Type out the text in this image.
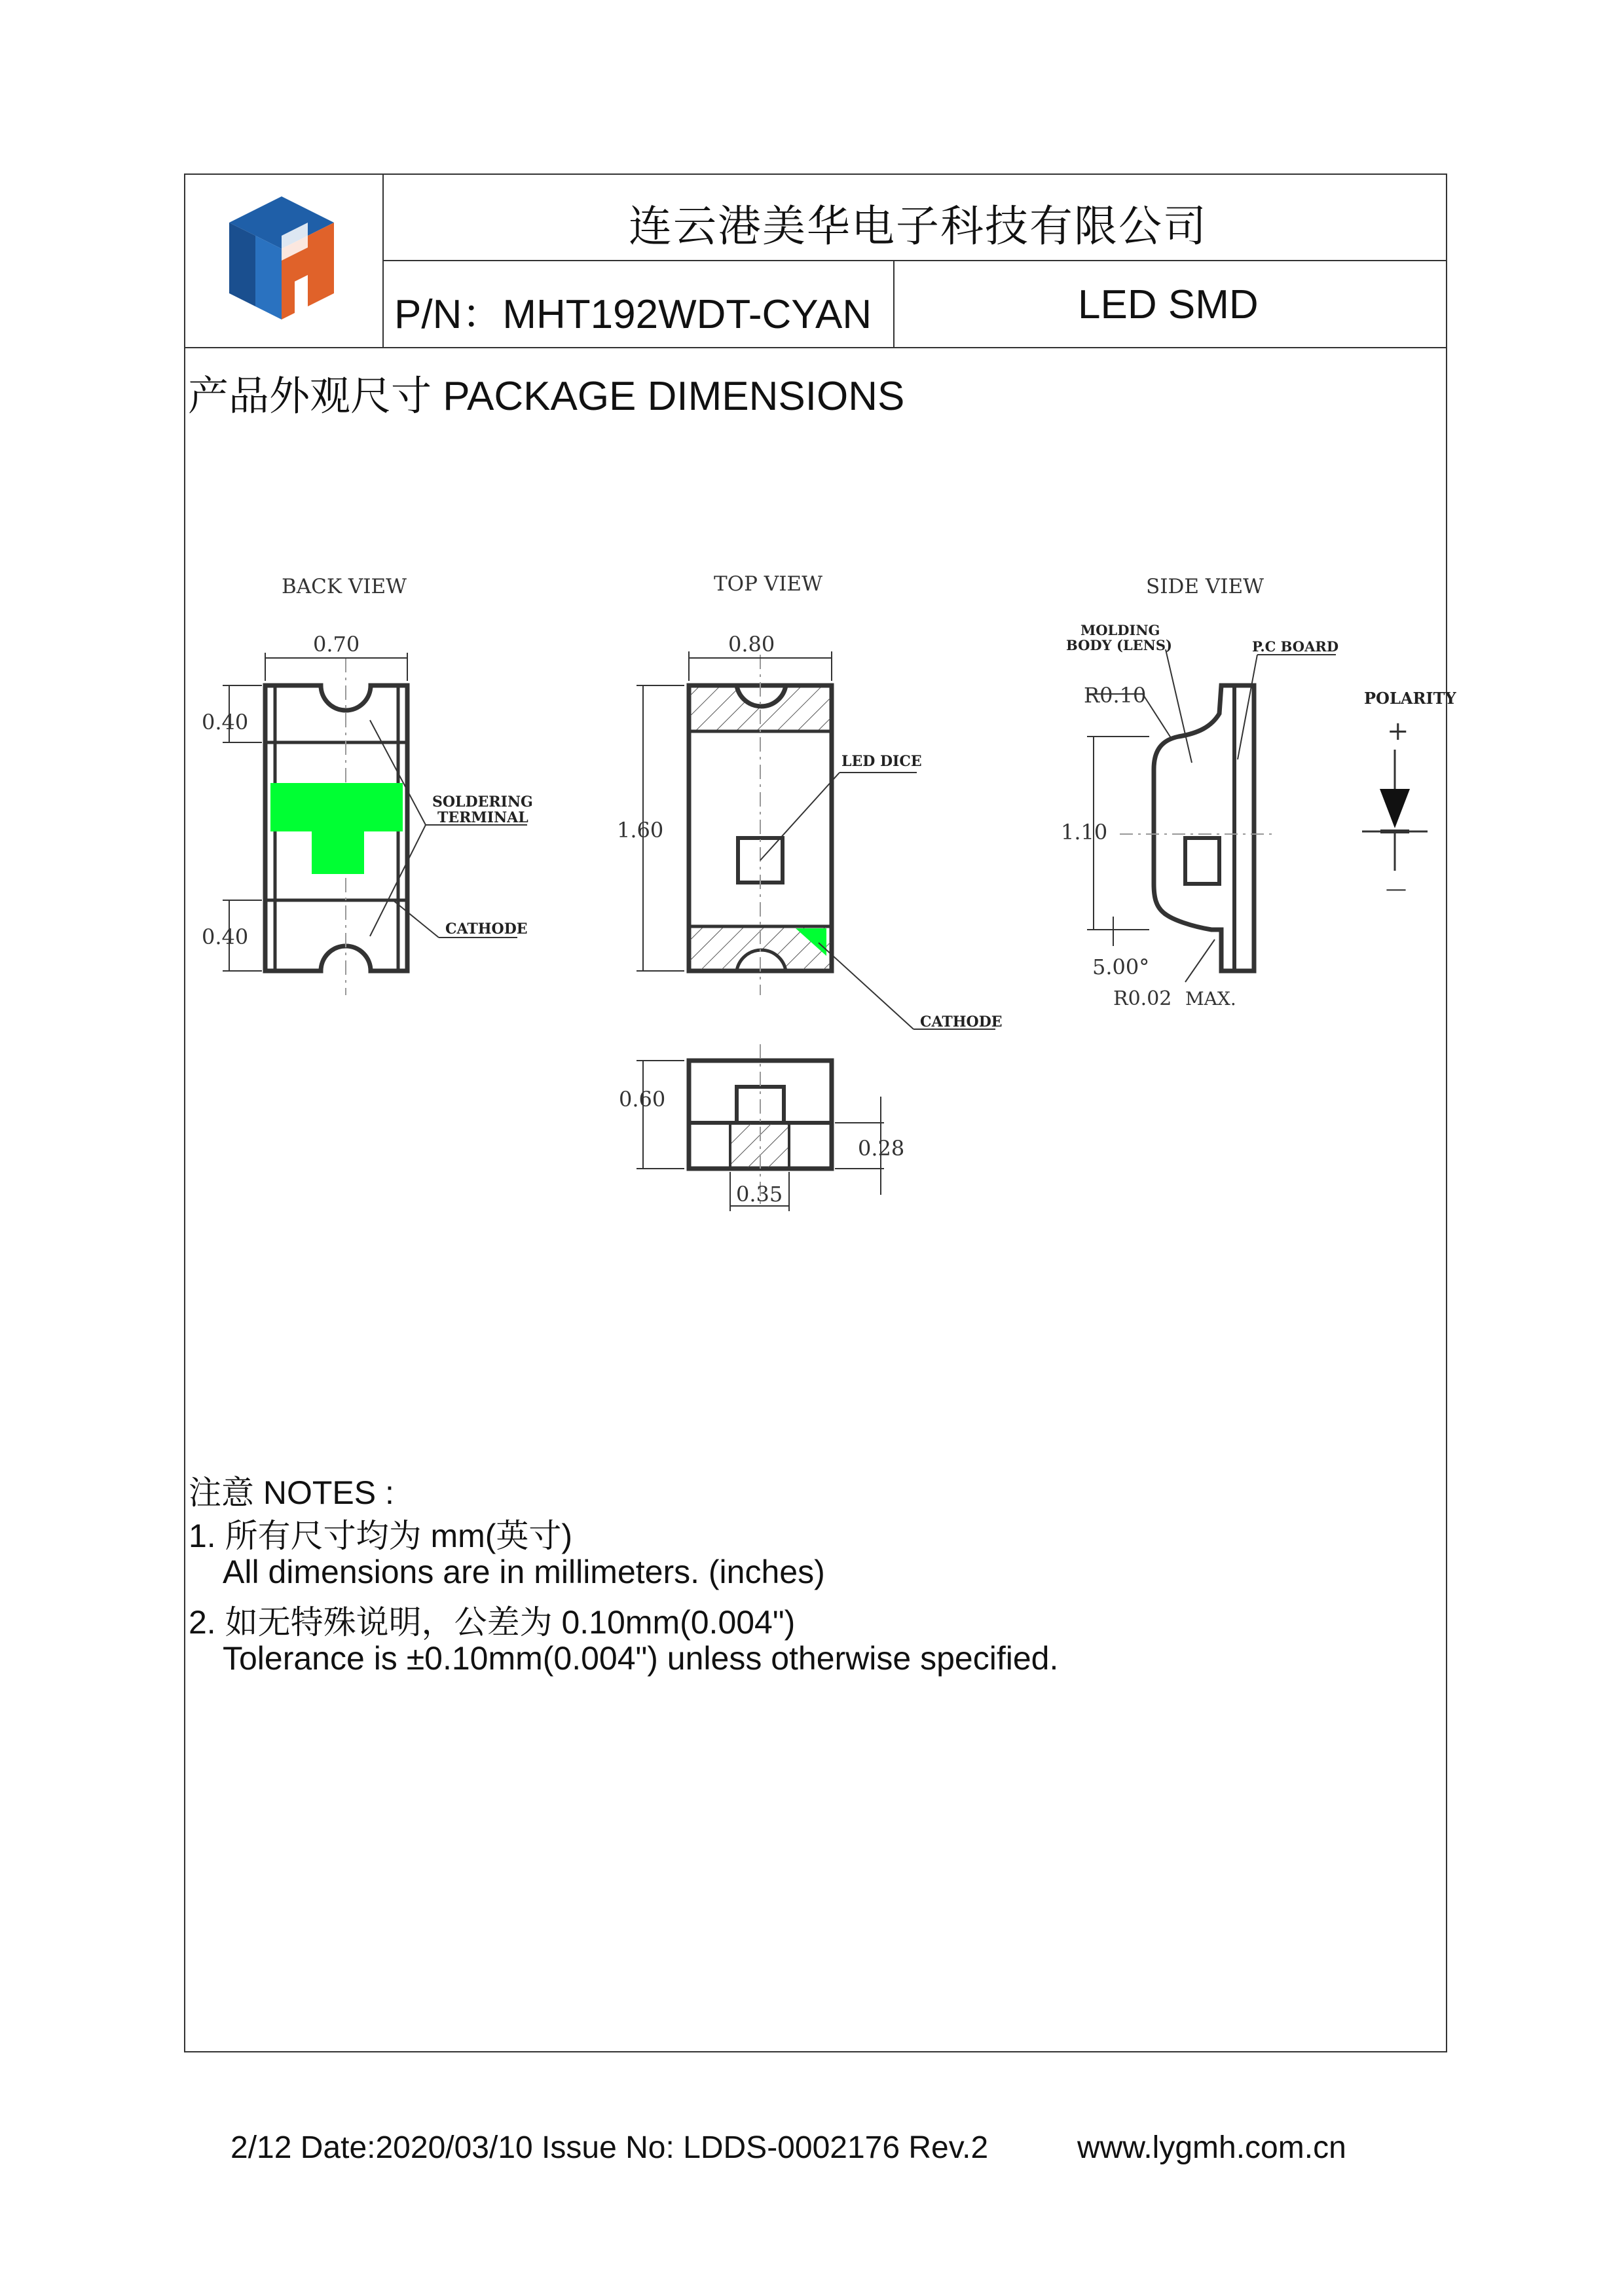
连云港美华电子科技有限公司
P/N：MHT192WDT-CYAN	LED SMD
产品外观尺寸 PACKAGE DIMENSIONS
BACK VIEW
0.70
0.40
0.40
SOLDERING
TERMINAL
CATHODE
TOP VIEW
0.80
1.60
LED DICE
CATHODE
0.60
0.28
0.35
SIDE VIEW
MOLDING
BODY (LENS)	P.C BOARD
R0.10
1.10
5.00°
R0.02 MAX.
POLARITY
+
—
注意 NOTES :
1. 所有尺寸均为 mm(英寸)
All dimensions are in millimeters. (inches)
2. 如无特殊说明，公差为 0.10mm(0.004")
Tolerance is ±0.10mm(0.004") unless otherwise specified.
2/12 Date:2020/03/10 Issue No: LDDS-0002176 Rev.2	www.lygmh.com.cn
